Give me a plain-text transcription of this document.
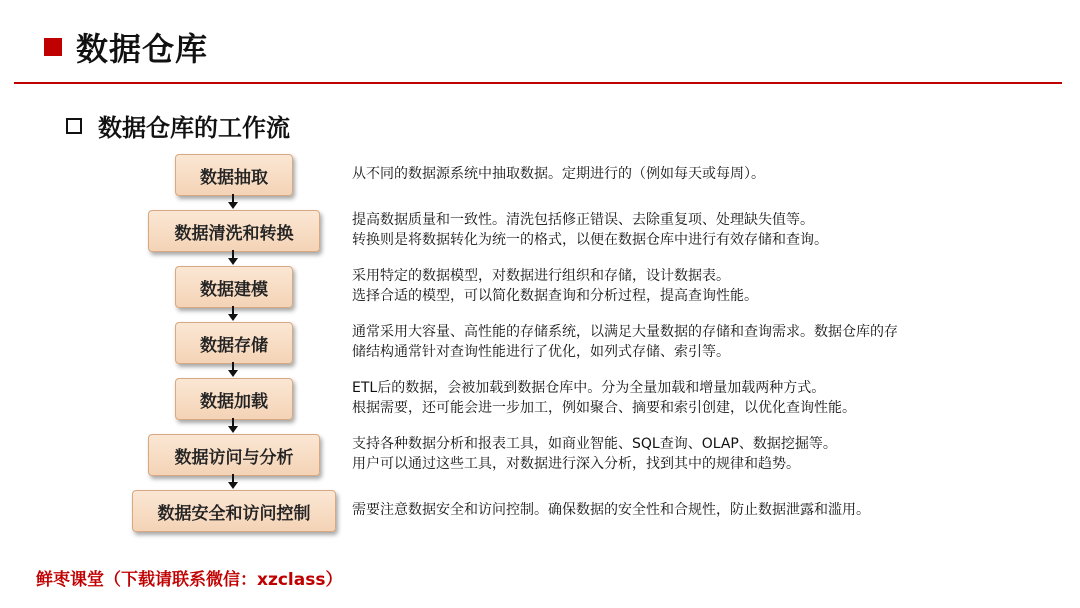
数据仓库
数据仓库的工作流
数据抽取	从不同的数据源系统中抽取数据。定期进行的（例如每天或每周）。
数据清洗和转换
提高数据质量和一致性。清洗包括修正错误、去除重复项、处理缺失值等。
转换则是将数据转化为统一的格式，以便在数据仓库中进行有效存储和查询。
数据建模
采用特定的数据模型，对数据进行组织和存储，设计数据表。
选择合适的模型，可以简化数据查询和分析过程，提高查询性能。
数据存储
通常采用大容量、高性能的存储系统，以满足大量数据的存储和查询需求。数据仓库的存
储结构通常针对查询性能进行了优化，如列式存储、索引等。
数据加载
ETL后的数据，会被加载到数据仓库中。分为全量加载和增量加载两种方式。
根据需要，还可能会进一步加工，例如聚合、摘要和索引创建，以优化查询性能。
数据访问与分析
支持各种数据分析和报表工具，如商业智能、SQL查询、OLAP、数据挖掘等。
用户可以通过这些工具，对数据进行深入分析，找到其中的规律和趋势。
数据安全和访问控制	需要注意数据安全和访问控制。确保数据的安全性和合规性，防止数据泄露和滥用。
鲜枣课堂（下载请联系微信：xzclass）
